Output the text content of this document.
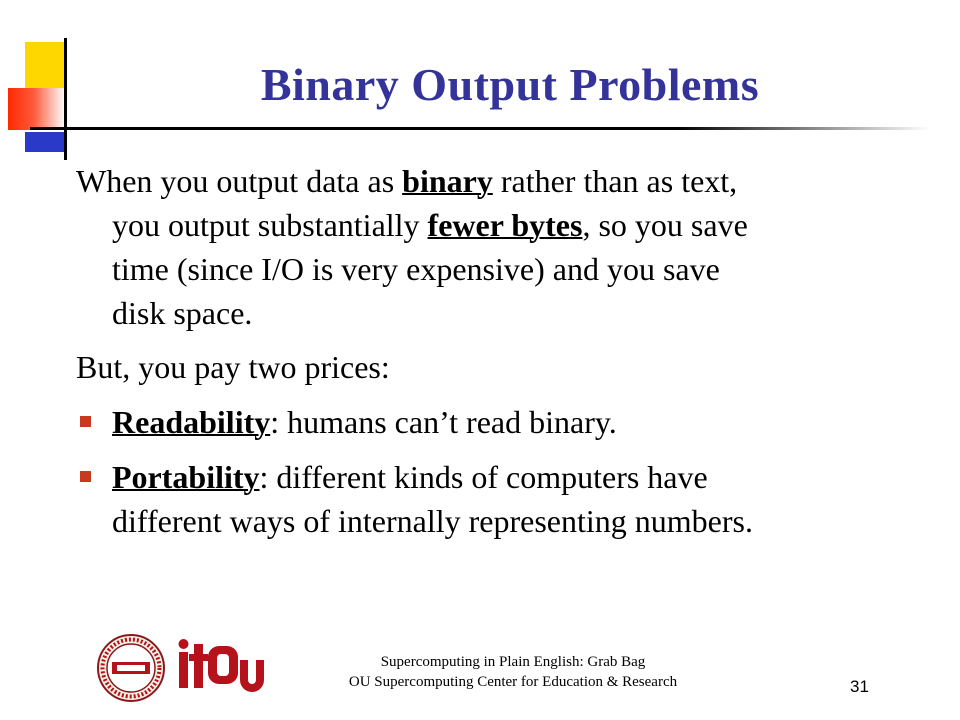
Binary Output Problems

When you output data as binary rather than as text,
you output substantially fewer bytes, so you save
time (since I/O is very expensive) and you save
disk space.

But, you pay two prices:

Readability: humans can’t read binary.
Portability: different kinds of computers have
different ways of internally representing numbers.
Supercomputing in Plain English: Grab Bag
OU Supercomputing Center for Education & Research	31
